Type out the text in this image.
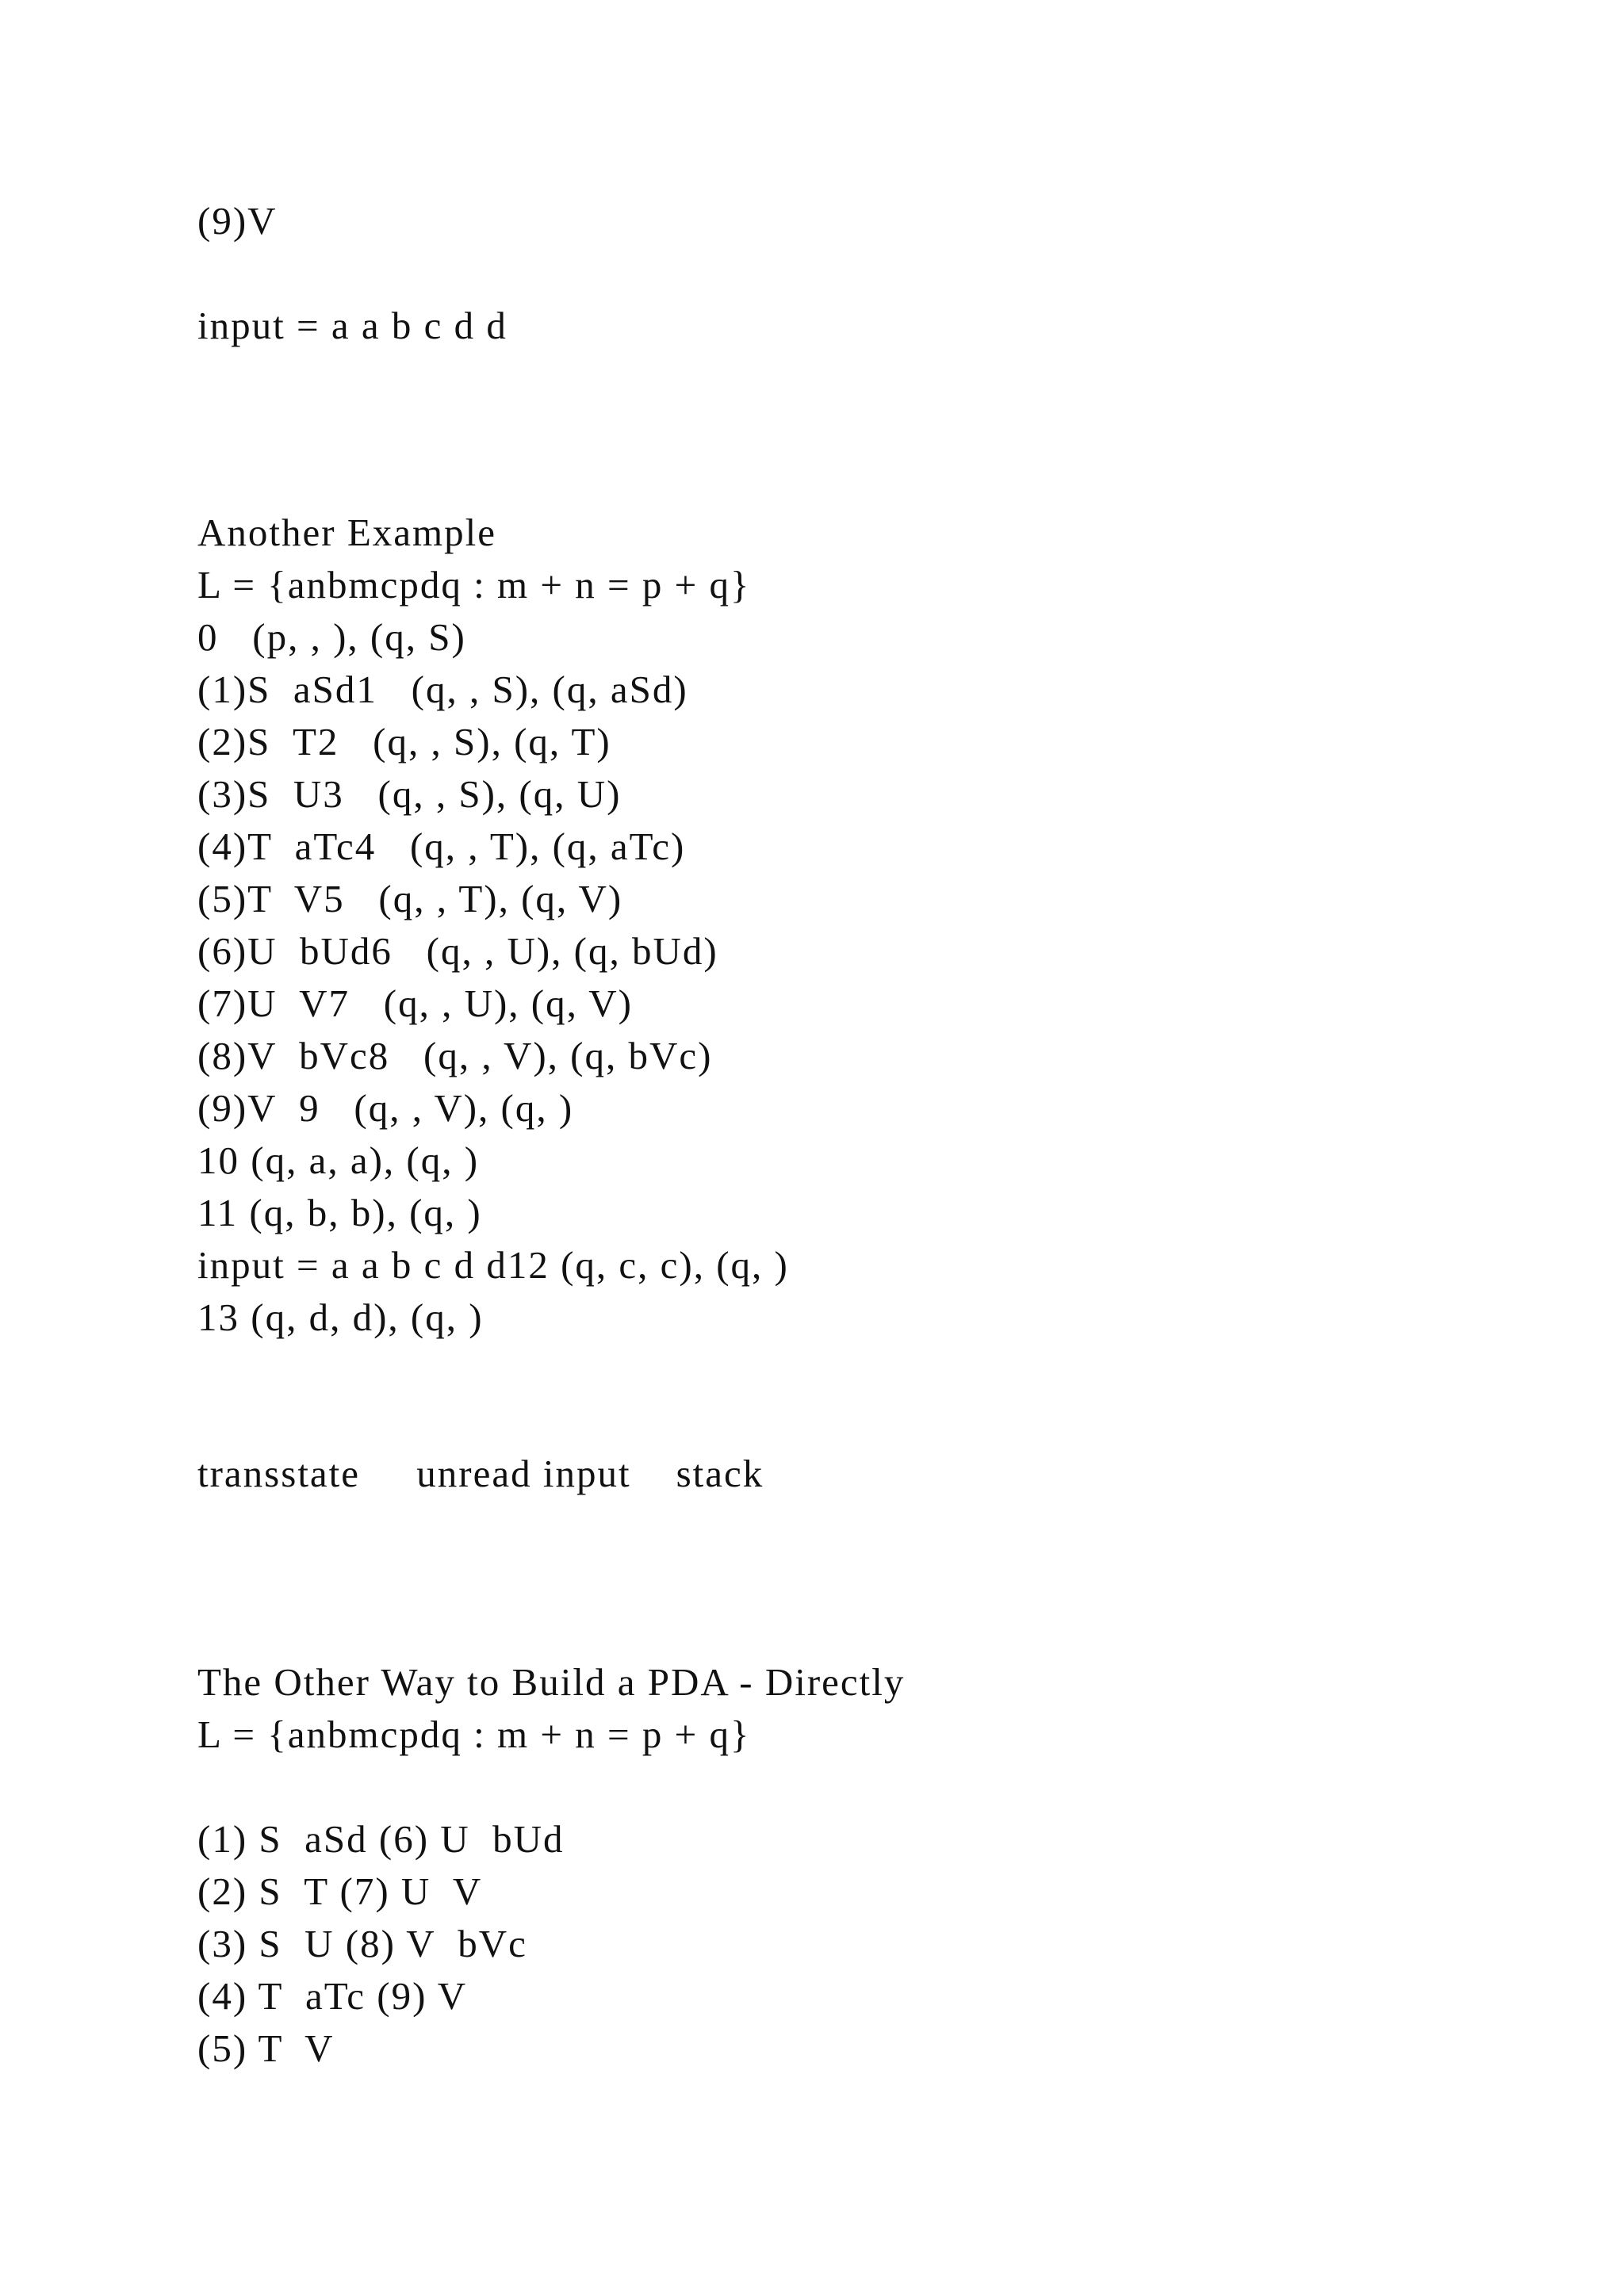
(9)V

input = a a b c d d

Another Example

L = {anbmcpdq : m + n = p + q}

0   (p, , ), (q, S)

(1)S  aSd1   (q, , S), (q, aSd)

(2)S  T2   (q, , S), (q, T)

(3)S  U3   (q, , S), (q, U)

(4)T  aTc4   (q, , T), (q, aTc)

(5)T  V5   (q, , T), (q, V)

(6)U  bUd6   (q, , U), (q, bUd)

(7)U  V7   (q, , U), (q, V)

(8)V  bVc8   (q, , V), (q, bVc)

(9)V  9   (q, , V), (q, )

10 (q, a, a), (q, )

11 (q, b, b), (q, )

input = a a b c d d12 (q, c, c), (q, )

13 (q, d, d), (q, )

transstate     unread input    stack

The Other Way to Build a PDA - Directly

L = {anbmcpdq : m + n = p + q}

(1) S  aSd (6) U  bUd

(2) S  T (7) U  V

(3) S  U (8) V  bVc

(4) T  aTc (9) V

(5) T  V
